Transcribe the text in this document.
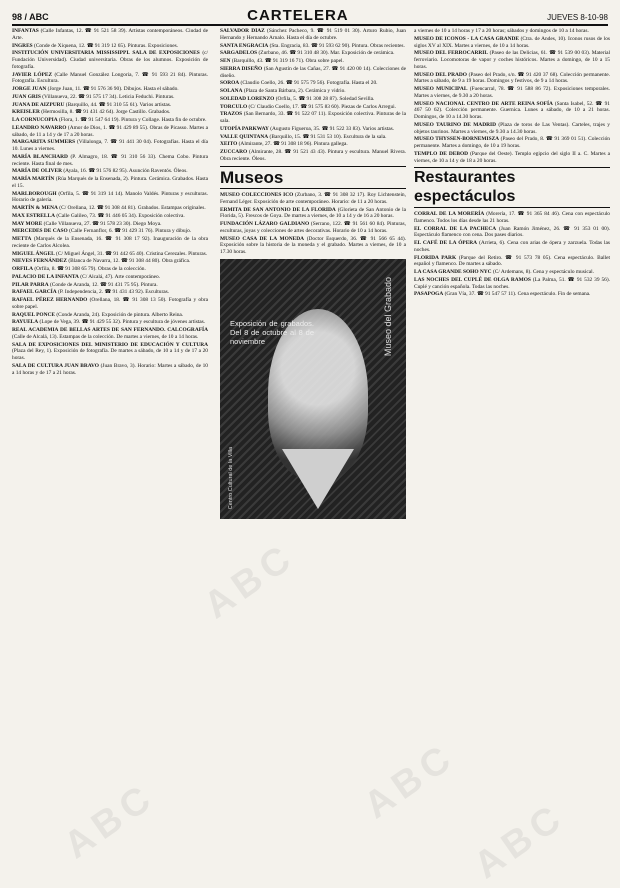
98 / ABC	CARTELERA	JUEVES 8-10-98
INFANTAS (Calle Infantas, 12. ☎ 91 521 58 39). Artistas contemporáneos. Ciudad de Arte.
INGRES (Conde de Xiquena, 12. ☎ 91 319 12 65). Pinturas. Exposiciones.
INSTITUCIÓN UNIVERSITARIA MISSISSIPPI. SALA DE EXPOSICIONES (c/ Fundación Universidad). Ciudad universitaria. Obras de los alumnos. Exposición de fotografía.
JAVIER LÓPEZ (Calle Manuel González Longoria, 7. ☎ 91 593 21 84). Pinturas. Fotografía. Escultura.
JORGE JUAN (Jorge Juan, 11. ☎ 91 576 36 90). Dibujos. Hasta el sábado.
JUAN GRIS (Villanueva, 22. ☎ 91 575 17 34). Leticia Feduchi. Pinturas.
JUANA DE AIZPURU (Barquillo, 44. ☎ 91 310 55 61). Varios artistas.
KREISLER (Hermosilla, 8. ☎ 91 431 42 64). Jorge Castillo. Grabados.
LA CORNUCOPIA (Flora, 1. ☎ 91 547 64 19). Pintura y Collage. Hasta fin de octubre.
LEANDRO NAVARRO (Amor de Dios, 1. ☎ 91 429 89 55). Obras de Picasso. Martes a sábado, de 11 a 14 y de 17 a 20 horas.
MARGARITA SUMMERS (Villalonga, 7. ☎ 91 441 30 04). Fotografías. Hasta el día 10. Lunes a viernes.
MARÍA BLANCHARD (P. Almagro, 18. ☎ 91 310 56 33). Chema Cobo. Pintura reciente. Hasta final de mes.
MARÍA DE OLIVER (Ayala, 16. ☎ 91 576 82 95). Asunción Raventós. Óleos.
MARÍA MARTÍN (Rúa Marqués de la Ensenada, 2). Pintura. Cerámica. Grabados. Hasta el 15.
MARLBOROUGH (Orfila, 5. ☎ 91 319 14 14). Manolo Valdés. Pinturas y esculturas. Horario de galería.
MARTÍN & MENA (C/ Orellana, 12. ☎ 91 308 44 81). Grabados. Estampas originales.
MAX ESTRELLA (Calle Galileo, 73. ☎ 91 446 05 34). Exposición colectiva.
MAY MORE (Calle Villanueva, 27. ☎ 91 578 23 30). Diego Moya.
MERCEDES DE CASO (Calle Fernanflor, 6. ☎ 91 429 31 76). Pintura y dibujo.
METTA (Marqués de la Ensenada, 16. ☎ 91 308 17 92). Inauguración de la obra reciente de Carlos Alcolea.
MIGUEL ÁNGEL (C/ Miguel Ángel, 31. ☎ 91 442 65 40). Cristina Cerezales. Pinturas.
NIEVES FERNÁNDEZ (Blanca de Navarra, 12. ☎ 91 308 44 80). Obra gráfica.
ORFILA (Orfila, 8. ☎ 91 308 65 79). Obras de la colección.
PALACIO DE LA INFANTA (C/ Alcalá, 47). Arte contemporáneo.
PILAR PARRA (Conde de Aranda, 12. ☎ 91 431 75 95). Pintura.
RAFAEL GARCÍA (P. Independencia, 2. ☎ 91 431 43 92). Esculturas.
RAFAEL PÉREZ HERNANDO (Orellana, 18. ☎ 91 308 13 50). Fotografía y obra sobre papel.
RAQUEL PONCE (Conde Aranda, 24). Exposición de pintura. Alberto Reina.
RAYUELA (Lope de Vega, 39. ☎ 91 429 55 32). Pintura y escultura de jóvenes artistas.
REAL ACADEMIA DE BELLAS ARTES DE SAN FERNANDO. CALCOGRAFÍA (Calle de Alcalá, 13). Estampas de la colección. De martes a viernes, de 10 a 14 horas.
SALA DE EXPOSICIONES DEL MINISTERIO DE EDUCACIÓN Y CULTURA (Plaza del Rey, 1). Exposición de fotografía. De martes a sábado, de 10 a 14 y de 17 a 20 horas.
SALA DE CULTURA JUAN BRAVO (Juan Bravo, 3). Horario: Martes a sábado, de 10 a 14 horas y de 17 a 21 horas.
SALVADOR DÍAZ (Sánchez Pacheco, 9. ☎ 91 519 01 30). Arturo Rubio, Juan Hernando y Hernando Arnalo. Hasta el día de octubre.
SANTA ENGRACIA (Sta. Engracia, 83. ☎ 91 593 62 90). Pintura. Obras recientes.
SARGADELOS (Zurbano, 46. ☎ 91 310 48 30). Mar. Exposición de cerámica.
SEN (Barquillo, 43. ☎ 91 319 16 71). Obra sobre papel.
SIERRA DISEÑO (San Agustín de las Cañas, 27. ☎ 91 420 00 14). Colecciones de diseño.
SOROA (Claudio Coello, 26. ☎ 91 575 79 56). Fotografía. Hasta el 20.
SOLANA (Plaza de Santa Bárbara, 2). Cerámica y vidrio.
SOLEDAD LORENZO (Orfila, 5. ☎ 91 308 28 87). Soledad Sevilla.
TORCULO (C/ Claudio Coello, 17. ☎ 91 575 83 60). Piezas de Carlos Arregui.
TRAZOS (San Bernardo, 33. ☎ 91 522 07 11). Exposición colectiva. Pinturas de la sala.
UTOPÍA PARKWAY (Augusto Figueroa, 35. ☎ 91 522 33 83). Varios artistas.
VALLE QUINTANA (Barquillo, 15. ☎ 91 531 53 10). Escultura de la sala.
XEITO (Almirante, 27. ☎ 91 308 18 96). Pintura gallega.
ZUCCARO (Almirante, 28. ☎ 91 521 43 43). Pintura y escultura. Manuel Rivera. Obra reciente. Óleos.
Museos
MUSEO COLECCIONES ICO (Zurbano, 3. ☎ 91 308 32 17). Roy Lichtenstein, Fernand Léger. Exposición de arte contemporáneo. Horario: de 11 a 20 horas.
ERMITA DE SAN ANTONIO DE LA FLORIDA (Glorieta de San Antonio de la Florida, 5). Frescos de Goya. De martes a viernes, de 10 a 14 y de 16 a 20 horas.
FUNDACIÓN LÁZARO GALDIANO (Serrano, 122. ☎ 91 561 60 84). Pinturas, esculturas, joyas y colecciones de artes decorativas. Horario de 10 a 14 horas.
MUSEO CASA DE LA MONEDA (Doctor Esquerdo, 36. ☎ 91 566 65 44). Exposición sobre la historia de la moneda y el grabado. Martes a viernes, de 10 a 17.30 horas.
Exposición de grabados. Del 8 de octubre al 8 de noviembre	Museo del Grabado
Centro Cultural de la Villa
a viernes de 10 a 14 horas y 17 a 20 horas; sábados y domingos de 10 a 14 horas.
MUSEO DE ICONOS - LA CASA GRANDE (Ctra. de Andes, 10). Iconos rusos de los siglos XV al XIX. Martes a viernes, de 10 a 14 horas.
MUSEO DEL FERROCARRIL (Paseo de las Delicias, 61. ☎ 91 539 00 03). Material ferroviario. Locomotoras de vapor y coches históricos. Martes a domingo, de 10 a 15 horas.
MUSEO DEL PRADO (Paseo del Prado, s/n. ☎ 91 420 37 68). Colección permanente. Martes a sábado, de 9 a 19 horas. Domingos y festivos, de 9 a 14 horas.
MUSEO MUNICIPAL (Fuencarral, 78. ☎ 91 588 86 72). Exposiciones temporales. Martes a viernes, de 9.30 a 20 horas.
MUSEO NACIONAL CENTRO DE ARTE REINA SOFÍA (Santa Isabel, 52. ☎ 91 467 50 62). Colección permanente. Guernica. Lunes a sábado, de 10 a 21 horas. Domingos, de 10 a 14.30 horas.
MUSEO TAURINO DE MADRID (Plaza de toros de Las Ventas). Carteles, trajes y objetos taurinos. Martes a viernes, de 9.30 a 14.30 horas.
MUSEO THYSSEN-BORNEMISZA (Paseo del Prado, 8. ☎ 91 369 01 51). Colección permanente. Martes a domingo, de 10 a 19 horas.
TEMPLO DE DEBOD (Parque del Oeste). Templo egipcio del siglo II a. C. Martes a viernes, de 10 a 14 y de 18 a 20 horas.
Restaurantes espectáculos
CORRAL DE LA MORERÍA (Morería, 17. ☎ 91 365 84 46). Cena con espectáculo flamenco. Todos los días desde las 21 horas.
EL CORRAL DE LA PACHECA (Juan Ramón Jiménez, 26. ☎ 91 353 01 00). Espectáculo flamenco con cena. Dos pases diarios.
EL CAFÉ DE LA ÓPERA (Arrieta, 6). Cena con arias de ópera y zarzuela. Todas las noches.
FLORIDA PARK (Parque del Retiro. ☎ 91 573 78 05). Cena espectáculo. Ballet español y flamenco. De martes a sábado.
LA CASA GRANDE SOHO NYC (C/ Ardemans, 8). Cena y espectáculo musical.
LAS NOCHES DEL CUPLÉ DE OLGA RAMOS (La Palma, 51. ☎ 91 532 39 56). Cuplé y canción española. Todas las noches.
PASAPOGA (Gran Vía, 37. ☎ 91 547 57 11). Cena espectáculo. Fin de semana.
ABC
ABC
ABC
ABC
